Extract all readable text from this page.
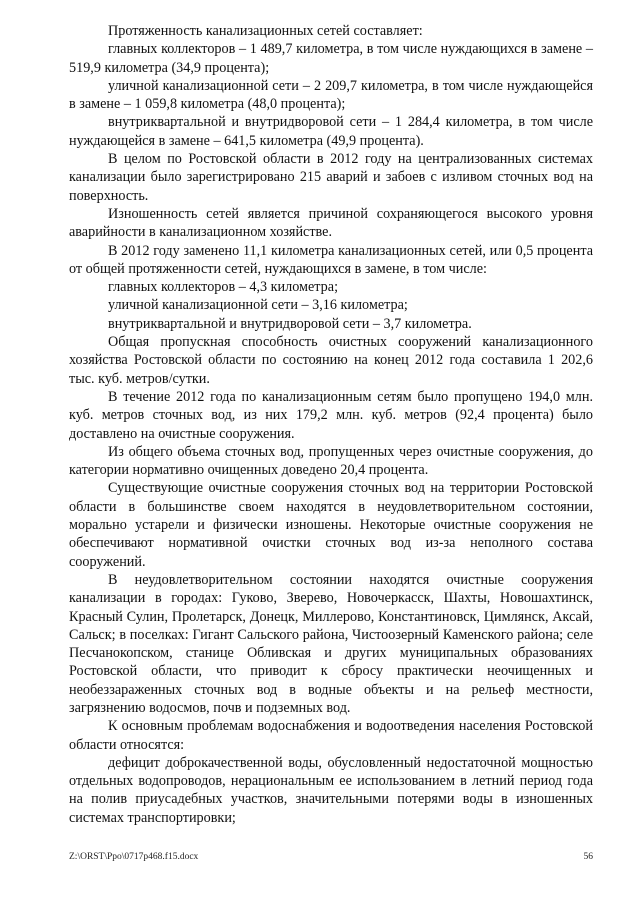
Протяженность канализационных сетей составляет:

главных коллекторов – 1 489,7 километра, в том числе нуждающихся в замене – 519,9 километра (34,9 процента);

уличной канализационной сети – 2 209,7 километра, в том числе нуждающейся в замене – 1 059,8 километра (48,0 процента);

внутриквартальной и внутридворовой сети – 1 284,4 километра, в том числе нуждающейся в замене – 641,5 километра (49,9 процента).

В целом по Ростовской области в 2012 году на централизованных системах канализации было зарегистрировано 215 аварий и забоев с изливом сточных вод на поверхность.

Изношенность сетей является причиной сохраняющегося высокого уровня аварийности в канализационном хозяйстве.

В 2012 году заменено 11,1 километра канализационных сетей, или 0,5 процента от общей протяженности сетей, нуждающихся в замене, в том числе:

главных коллекторов – 4,3 километра;

уличной канализационной сети – 3,16 километра;

внутриквартальной и внутридворовой сети – 3,7 километра.

Общая пропускная способность очистных сооружений канализационного хозяйства Ростовской области по состоянию на конец 2012 года составила 1 202,6 тыс. куб. метров/сутки.

В течение 2012 года по канализационным сетям было пропущено 194,0 млн. куб. метров сточных вод, из них 179,2 млн. куб. метров (92,4 процента) было доставлено на очистные сооружения.

Из общего объема сточных вод, пропущенных через очистные сооружения, до категории нормативно очищенных доведено 20,4 процента.

Существующие очистные сооружения сточных вод на территории Ростовской области в большинстве своем находятся в неудовлетворительном состоянии, морально устарели и физически изношены. Некоторые очистные сооружения не обеспечивают нормативной очистки сточных вод из-за неполного состава сооружений.

В неудовлетворительном состоянии находятся очистные сооружения канализации в городах: Гуково, Зверево, Новочеркасск, Шахты, Новошахтинск, Красный Сулин, Пролетарск, Донецк, Миллерово, Константиновск, Цимлянск, Аксай, Сальск; в поселках: Гигант Сальского района, Чистоозерный Каменского района; селе Песчанокопском, станице Обливская и других муниципальных образованиях Ростовской области, что приводит к сбросу практически неочищенных и необеззараженных сточных вод в водные объекты и на рельеф местности, загрязнению водосмов, почв и подземных вод.

К основным проблемам водоснабжения и водоотведения населения Ростовской области относятся:

дефицит доброкачественной воды, обусловленный недостаточной мощностью отдельных водопроводов, нерациональным ее использованием в летний период года на полив приусадебных участков, значительными потерями воды в изношенных системах транспортировки;

Z:\ORST\Ppo\0717p468.f15.docx	56
